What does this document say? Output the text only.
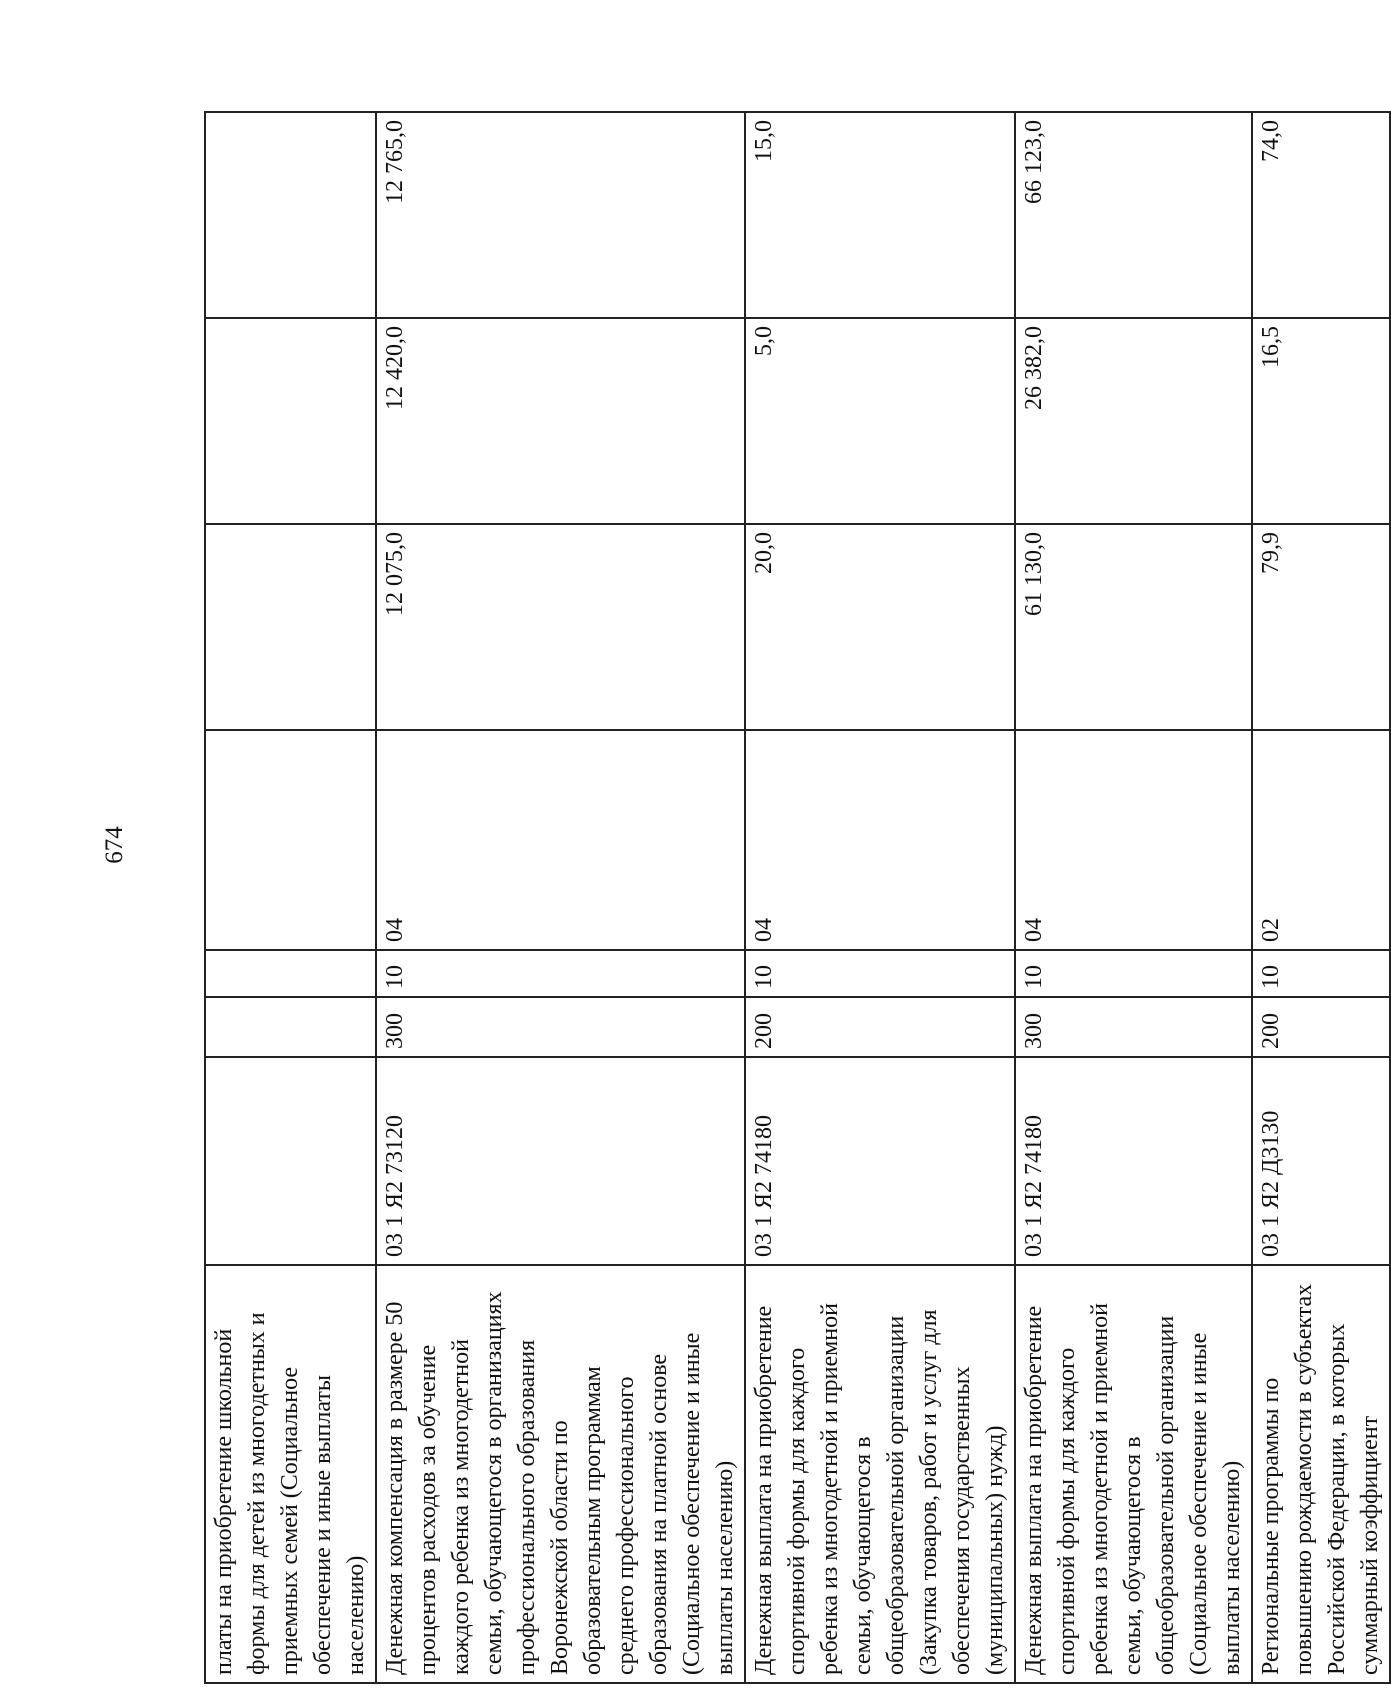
674
платы на приобретение школьной формы для детей из многодетных и приемных семей (Социальное обеспечение и иные выплаты населению)							
Денежная компенсация в размере 50 процентов расходов за обучение каждого ребенка из многодетной семьи, обучающегося в организациях профессионального образования Воронежской области по образовательным программам среднего профессионального образования на платной основе (Социальное обеспечение и иные выплаты населению)	03 1 Я2 73120	300	10	04	12 075,0	12 420,0	12 765,0
Денежная выплата на приобретение спортивной формы для каждого ребенка из многодетной и приемной семьи, обучающегося в общеобразовательной организации (Закупка товаров, работ и услуг для обеспечения государственных (муниципальных) нужд)	03 1 Я2 74180	200	10	04	20,0	5,0	15,0
Денежная выплата на приобретение спортивной формы для каждого ребенка из многодетной и приемной семьи, обучающегося в общеобразовательной организации (Социальное обеспечение и иные выплаты населению)	03 1 Я2 74180	300	10	04	61 130,0	26 382,0	66 123,0
Региональные программы по повышению рождаемости в субъектах Российской Федерации, в которых суммарный коэффициент	03 1 Я2 Д3130	200	10	02	79,9	16,5	74,0
